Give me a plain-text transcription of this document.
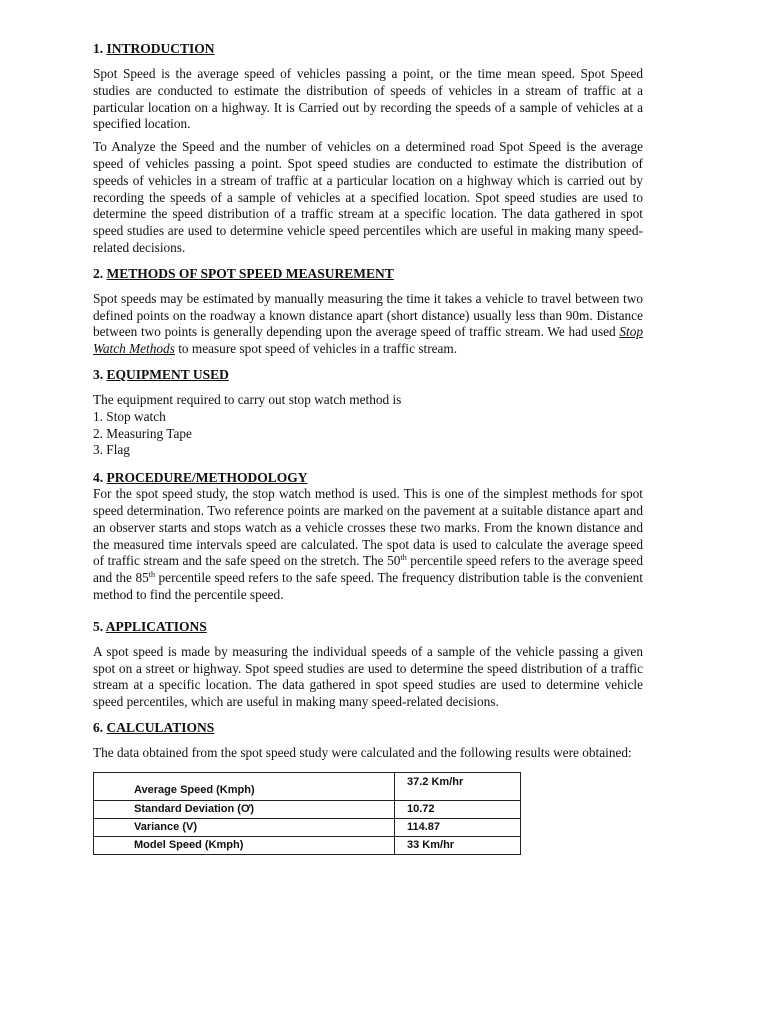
1. INTRODUCTION

Spot Speed is the average speed of vehicles passing a point, or the time mean speed. Spot Speed studies are conducted to estimate the distribution of speeds of vehicles in a stream of traffic at a particular location on a highway. It is Carried out by recording the speeds of a sample of vehicles at a specified location.

To Analyze the Speed and the number of vehicles on a determined road Spot Speed is the average speed of vehicles passing a point. Spot speed studies are conducted to estimate the distribution of speeds of vehicles in a stream of traffic at a particular location on a highway which is carried out by recording the speeds of a sample of vehicles at a specified location. Spot speed studies are used to determine the speed distribution of a traffic stream at a specific location. The data gathered in spot speed studies are used to determine vehicle speed percentiles which are useful in making many speed-related decisions.

2. METHODS OF SPOT SPEED MEASUREMENT

Spot speeds may be estimated by manually measuring the time it takes a vehicle to travel between two defined points on the roadway a known distance apart (short distance) usually less than 90m. Distance between two points is generally depending upon the average speed of traffic stream. We had used Stop Watch Methods to measure spot speed of vehicles in a traffic stream.

3. EQUIPMENT USED
The equipment required to carry out stop watch method is
1. Stop watch
2. Measuring Tape
3. Flag
4. PROCEDURE/METHODOLOGY

For the spot speed study, the stop watch method is used. This is one of the simplest methods for spot speed determination. Two reference points are marked on the pavement at a suitable distance apart and an observer starts and stops watch as a vehicle crosses these two marks. From the known distance and the measured time intervals speed are calculated. The spot data is used to calculate the average speed of traffic stream and the safe speed on the stretch. The 50th percentile speed refers to the average speed and the 85th percentile speed refers to the safe speed. The frequency distribution table is the convenient method to find the percentile speed.

5. APPLICATIONS

A spot speed is made by measuring the individual speeds of a sample of the vehicle passing a given spot on a street or highway. Spot speed studies are used to determine the speed distribution of a traffic stream at a specific location. The data gathered in spot speed studies are used to determine vehicle speed percentiles, which are useful in making many speed-related decisions.

6. CALCULATIONS

The data obtained from the spot speed study were calculated and the following results were obtained:

Average Speed (Kmph)	37.2 Km/hr
Standard Deviation (Ơ)	10.72
Variance (V)	114.87
Model Speed (Kmph)	33 Km/hr
